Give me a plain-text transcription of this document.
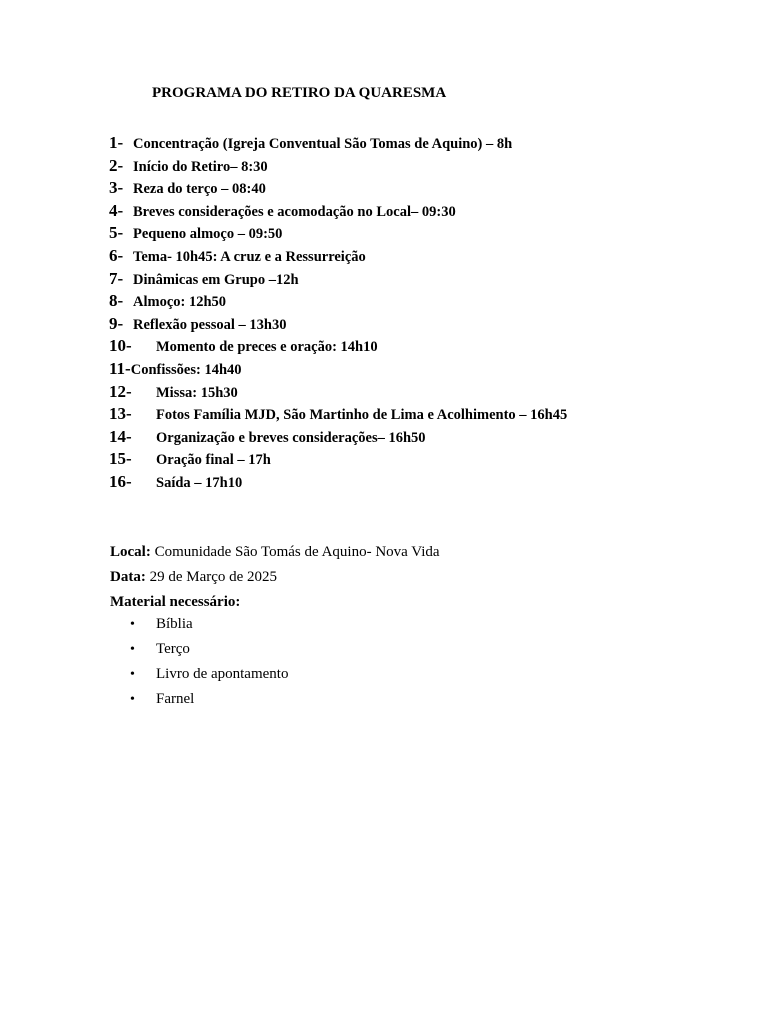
PROGRAMA DO RETIRO DA QUARESMA
1- Concentração (Igreja Conventual São Tomas de Aquino) – 8h
2- Início do Retiro– 8:30
3- Reza do terço – 08:40
4- Breves considerações e acomodação no Local– 09:30
5- Pequeno almoço – 09:50
6- Tema- 10h45: A cruz e a Ressurreição
7- Dinâmicas em Grupo –12h
8- Almoço: 12h50
9- Reflexão pessoal – 13h30
10-	Momento de preces e oração: 14h10
11- Confissões: 14h40
12-	Missa: 15h30
13-	Fotos Família MJD, São Martinho de Lima e Acolhimento – 16h45
14-	Organização e breves considerações– 16h50
15-	Oração final – 17h
16-	Saída – 17h10
Local: Comunidade São Tomás de Aquino- Nova Vida
Data: 29 de Março de 2025
Material necessário:
•	Bíblia
•	Terço
•	Livro de apontamento
•	Farnel
